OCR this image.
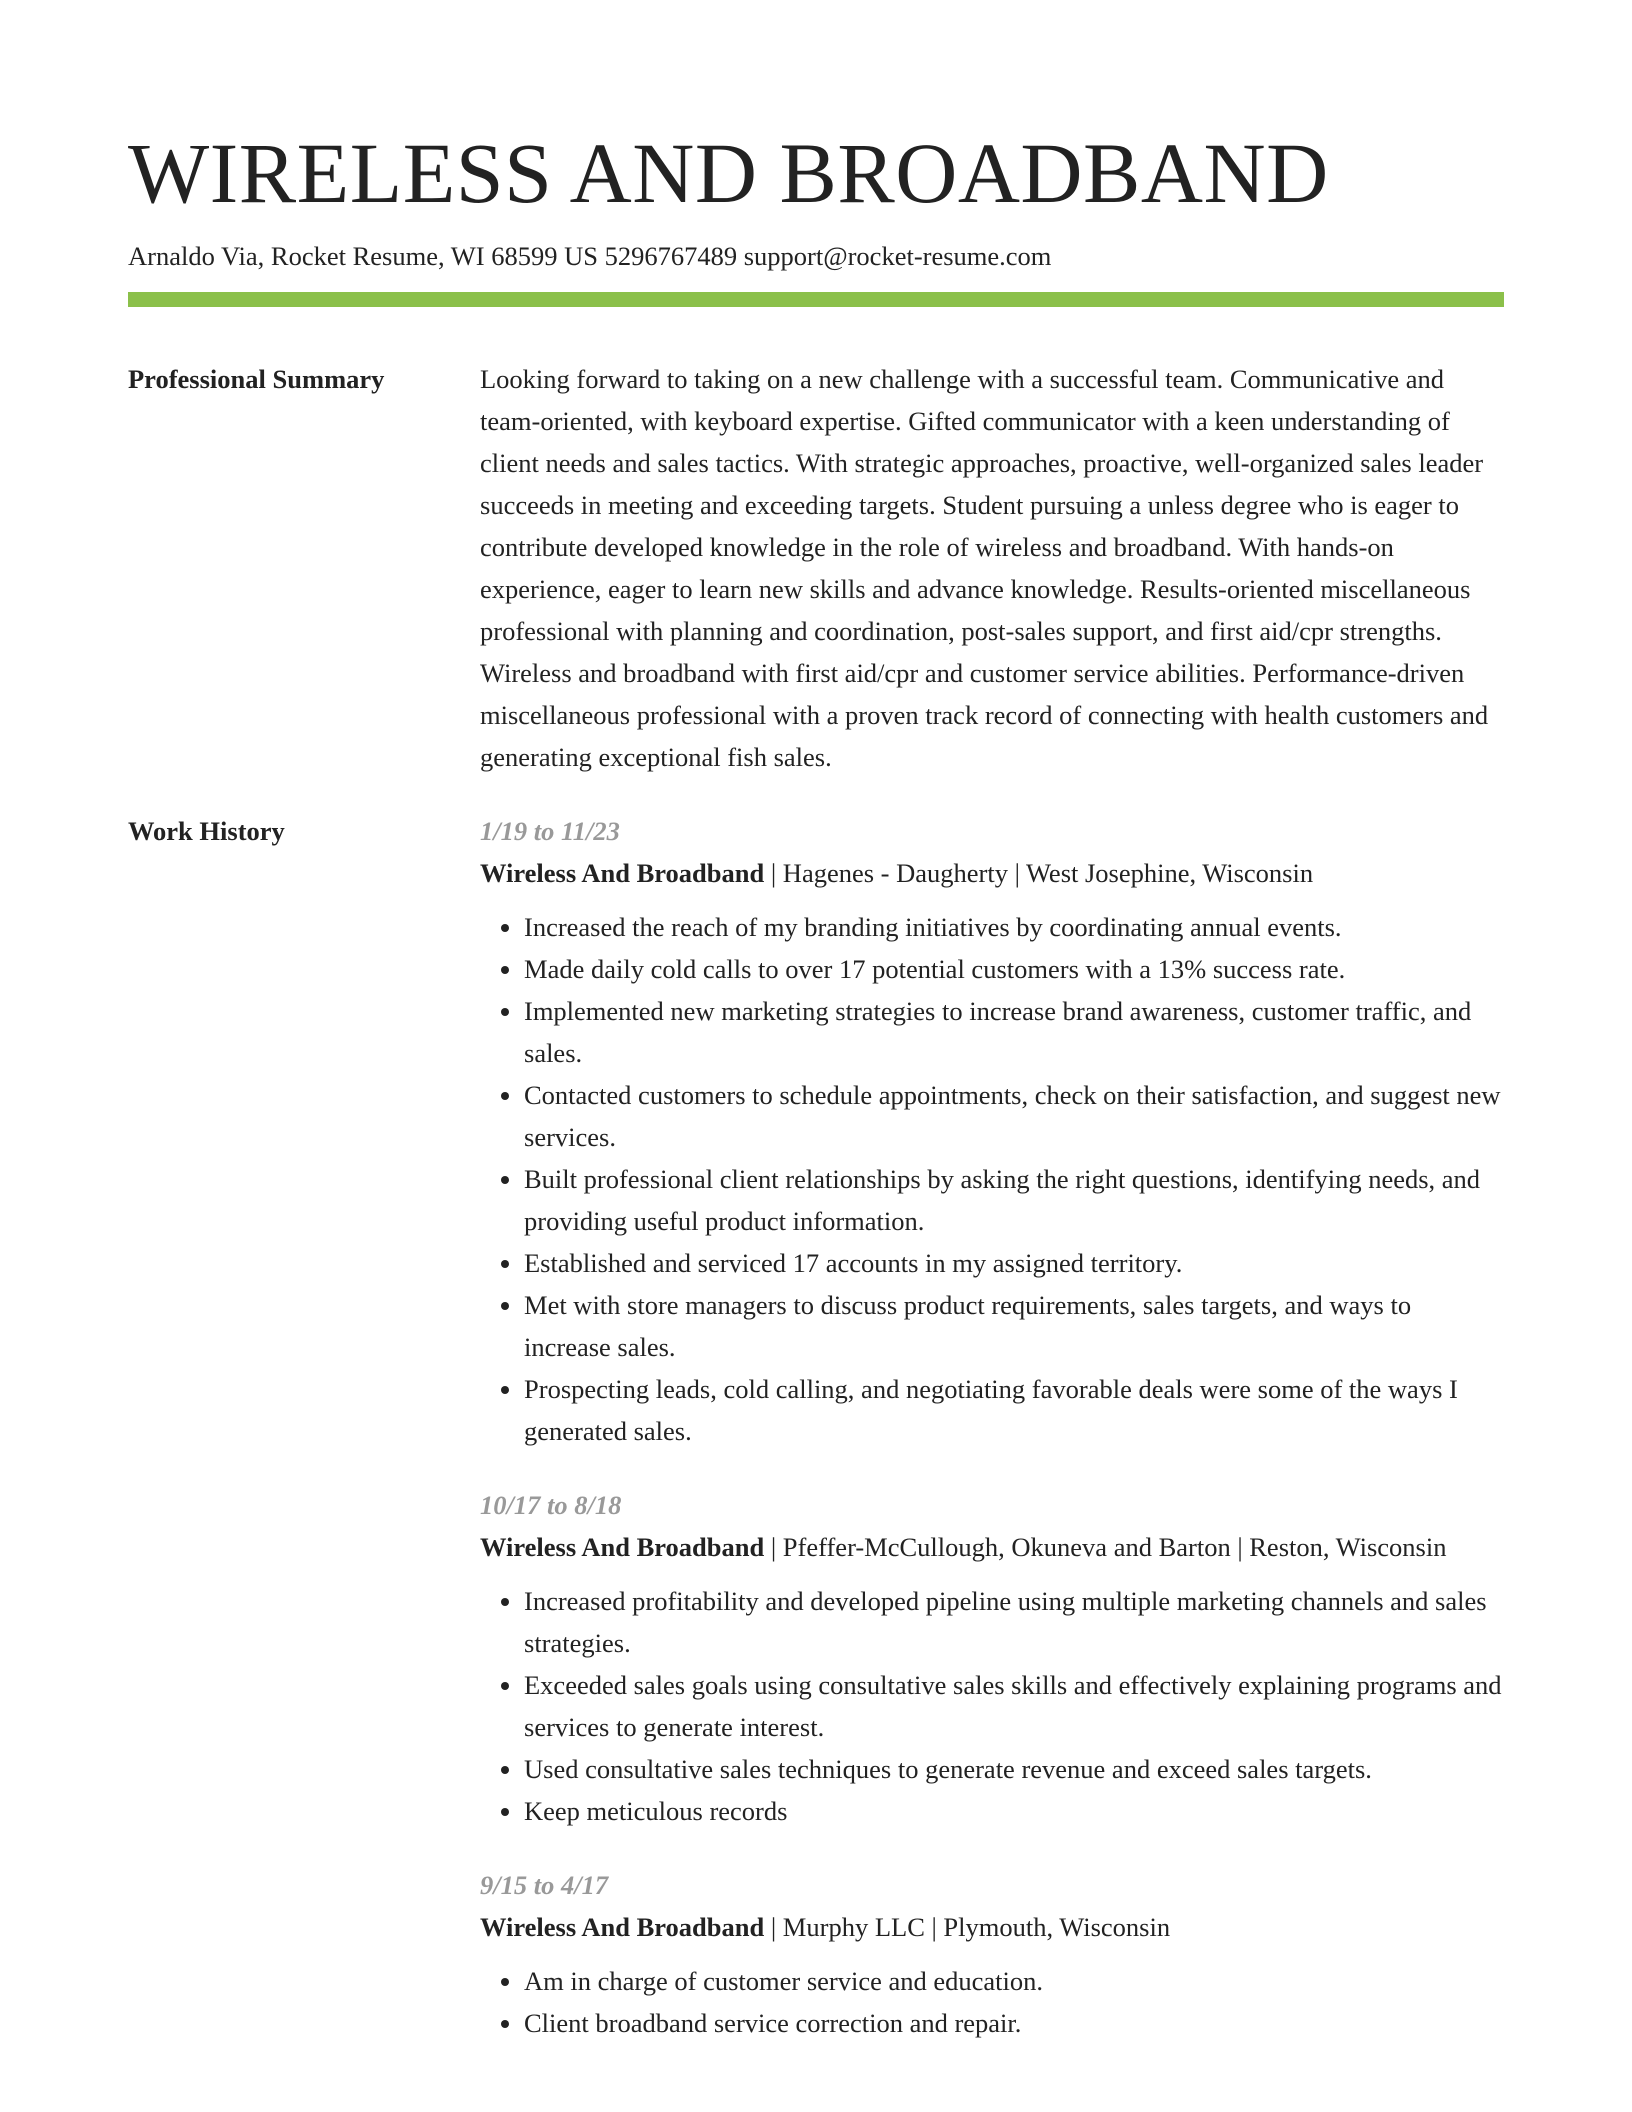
WIRELESS AND BROADBAND
Arnaldo Via, Rocket Resume, WI 68599 US 5296767489 support@rocket-resume.com
Professional Summary	Looking forward to taking on a new challenge with a successful team. Communicative and team-oriented, with keyboard expertise. Gifted communicator with a keen understanding of client needs and sales tactics. With strategic approaches, proactive, well-organized sales leader succeeds in meeting and exceeding targets. Student pursuing a unless degree who is eager to contribute developed knowledge in the role of wireless and broadband. With hands-on experience, eager to learn new skills and advance knowledge. Results-oriented miscellaneous professional with planning and coordination, post-sales support, and first aid/cpr strengths. Wireless and broadband with first aid/cpr and customer service abilities. Performance-driven miscellaneous professional with a proven track record of connecting with health customers and generating exceptional fish sales.
Work History	1/19 to 11/23
Wireless And Broadband | Hagenes - Daugherty | West Josephine, Wisconsin
• Increased the reach of my branding initiatives by coordinating annual events.
• Made daily cold calls to over 17 potential customers with a 13% success rate.
• Implemented new marketing strategies to increase brand awareness, customer traffic, and sales.
• Contacted customers to schedule appointments, check on their satisfaction, and suggest new services.
• Built professional client relationships by asking the right questions, identifying needs, and providing useful product information.
• Established and serviced 17 accounts in my assigned territory.
• Met with store managers to discuss product requirements, sales targets, and ways to increase sales.
• Prospecting leads, cold calling, and negotiating favorable deals were some of the ways I generated sales.
10/17 to 8/18
Wireless And Broadband | Pfeffer-McCullough, Okuneva and Barton | Reston, Wisconsin
• Increased profitability and developed pipeline using multiple marketing channels and sales strategies.
• Exceeded sales goals using consultative sales skills and effectively explaining programs and services to generate interest.
• Used consultative sales techniques to generate revenue and exceed sales targets.
• Keep meticulous records
9/15 to 4/17
Wireless And Broadband | Murphy LLC | Plymouth, Wisconsin
• Am in charge of customer service and education.
• Client broadband service correction and repair.
